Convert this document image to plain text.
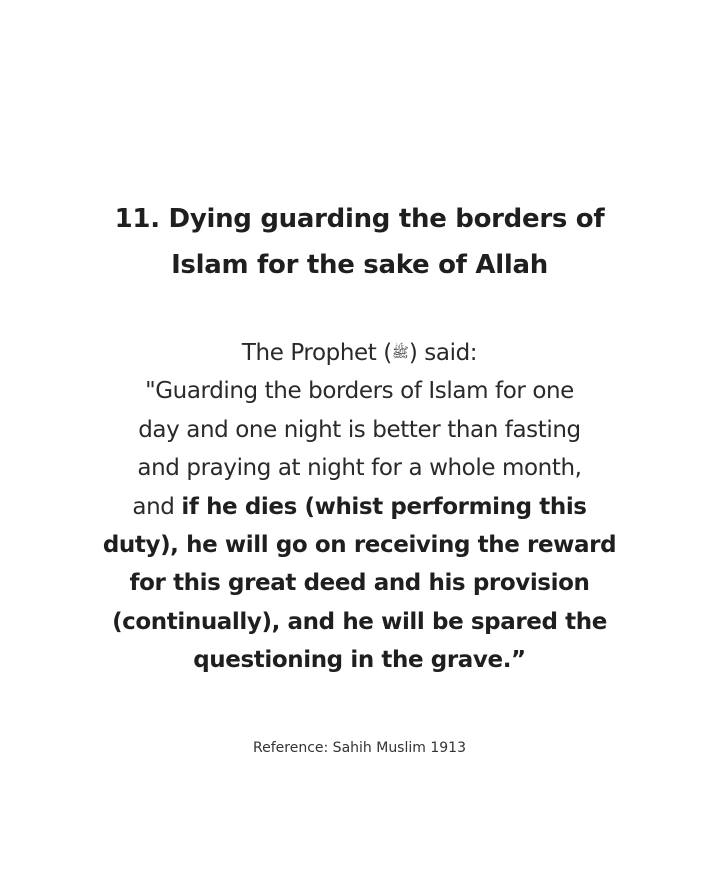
11. Dying guarding the borders of
Islam for the sake of Allah
The Prophet (ﷺ) said:
"Guarding the borders of Islam for one
day and one night is better than fasting
and praying at night for a whole month,
and if he dies (whist performing this
duty), he will go on receiving the reward
for this great deed and his provision
(continually), and he will be spared the
questioning in the grave.”
Reference: Sahih Muslim 1913
